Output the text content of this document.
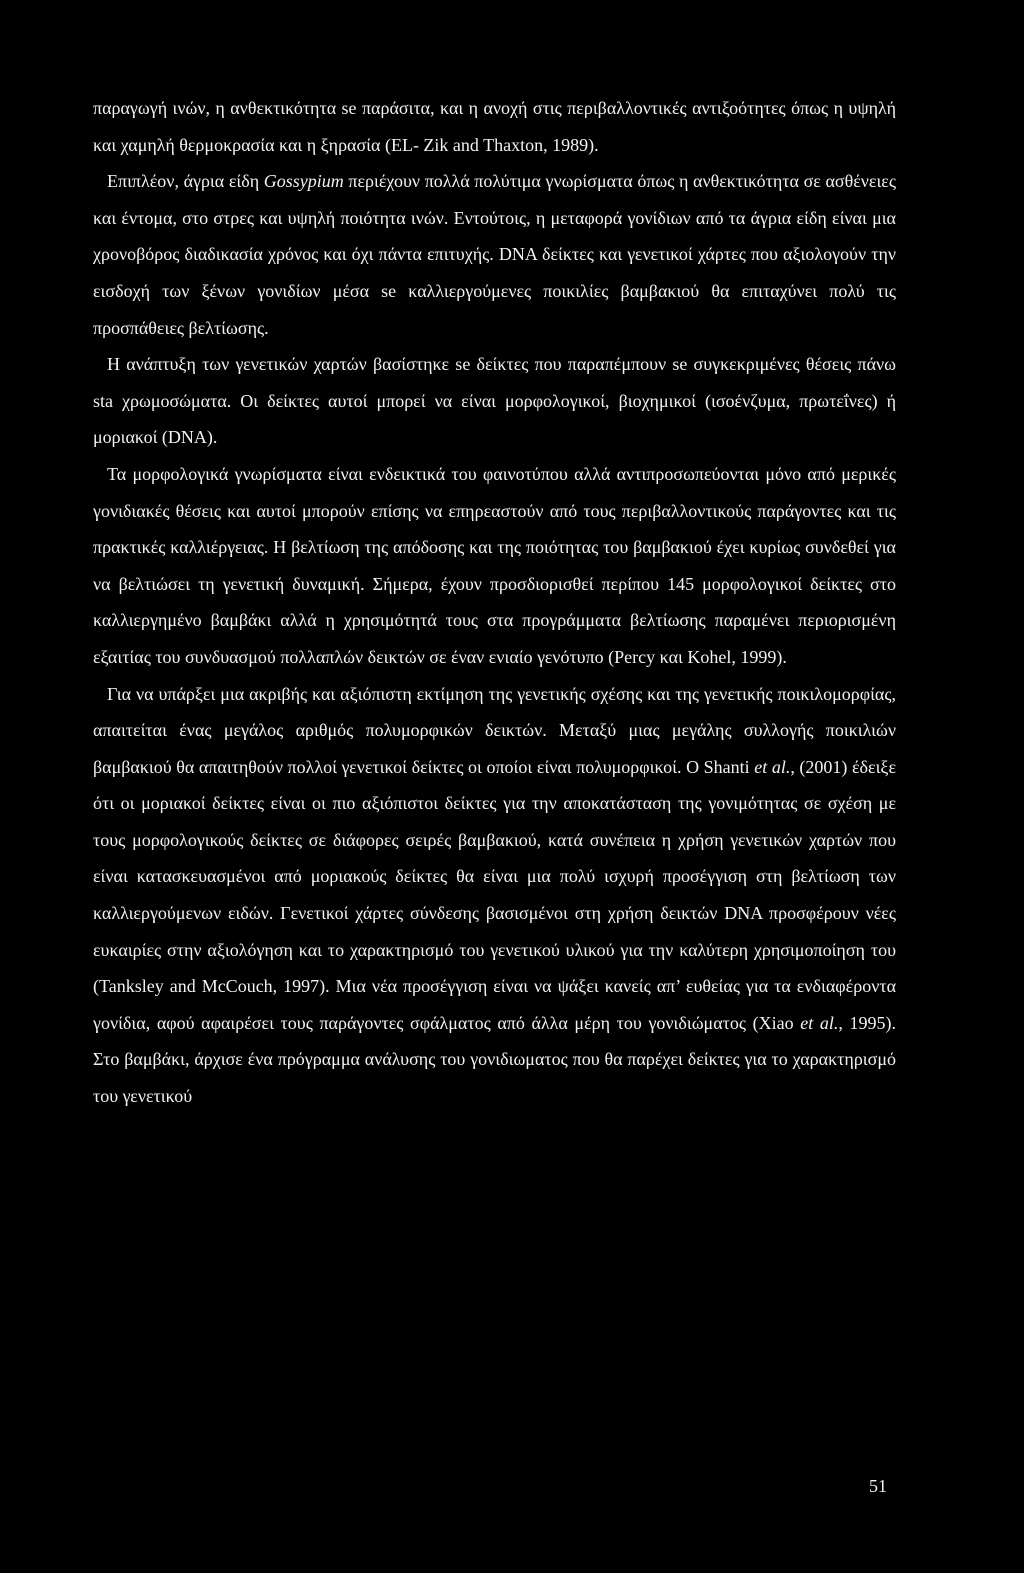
παραγωγή ινών, η ανθεκτικότητα se παράσιτα, και η ανοχή στις περιβαλλοντικές αντιξοότητες όπως η υψηλή και χαμηλή θερμοκρασία και η ξηρασία (EL- Zik and Thaxton, 1989).

Επιπλέον, άγρια είδη Gossypium περιέχουν πολλά πολύτιμα γνωρίσματα όπως η ανθεκτικότητα σε ασθένειες και έντομα, στο στρες και υψηλή ποιότητα ινών. Εντούτοις, η μεταφορά γονίδιων από τα άγρια είδη είναι μια χρονοβόρος διαδικασία χρόνος και όχι πάντα επιτυχής. DNA δείκτες και γενετικοί χάρτες που αξιολογούν την εισδοχή των ξένων γονιδίων μέσα se καλλιεργούμενες ποικιλίες βαμβακιού θα επιταχύνει πολύ τις προσπάθειες βελτίωσης.

Η ανάπτυξη των γενετικών χαρτών βασίστηκε se δείκτες που παραπέμπουν se συγκεκριμένες θέσεις πάνω sta χρωμοσώματα. Οι δείκτες αυτοί μπορεί να είναι μορφολογικοί, βιοχημικοί (ισοένζυμα, πρωτεΐνες) ή μοριακοί (DNA).

Τα μορφολογικά γνωρίσματα είναι ενδεικτικά του φαινοτύπου αλλά αντιπροσωπεύονται μόνο από μερικές γονιδιακές θέσεις και αυτοί μπορούν επίσης να επηρεαστούν από τους περιβαλλοντικούς παράγοντες και τις πρακτικές καλλιέργειας. Η βελτίωση της απόδοσης και της ποιότητας του βαμβακιού έχει κυρίως συνδεθεί για να βελτιώσει τη γενετική δυναμική. Σήμερα, έχουν προσδιορισθεί περίπου 145 μορφολογικοί δείκτες στο καλλιεργημένο βαμβάκι αλλά η χρησιμότητά τους στα προγράμματα βελτίωσης παραμένει περιορισμένη εξαιτίας του συνδυασμού πολλαπλών δεικτών σε έναν ενιαίο γενότυπο (Percy και Kohel, 1999).

Για να υπάρξει μια ακριβής και αξιόπιστη εκτίμηση της γενετικής σχέσης και της γενετικής ποικιλομορφίας, απαιτείται ένας μεγάλος αριθμός πολυμορφικών δεικτών. Μεταξύ μιας μεγάλης συλλογής ποικιλιών βαμβακιού θα απαιτηθούν πολλοί γενετικοί δείκτες οι οποίοι είναι πολυμορφικοί. O Shanti et al., (2001) έδειξε ότι οι μοριακοί δείκτες είναι οι πιο αξιόπιστοι δείκτες για την αποκατάσταση της γονιμότητας σε σχέση με τους μορφολογικούς δείκτες σε διάφορες σειρές βαμβακιού, κατά συνέπεια η χρήση γενετικών χαρτών που είναι κατασκευασμένοι από μοριακούς δείκτες θα είναι μια πολύ ισχυρή προσέγγιση στη βελτίωση των καλλιεργούμενων ειδών. Γενετικοί χάρτες σύνδεσης βασισμένοι στη χρήση δεικτών DNA προσφέρουν νέες ευκαιρίες στην αξιολόγηση και το χαρακτηρισμό του γενετικού υλικού για την καλύτερη χρησιμοποίηση του (Tanksley and McCouch, 1997). Μια νέα προσέγγιση είναι να ψάξει κανείς απ’ ευθείας για τα ενδιαφέροντα γονίδια, αφού αφαιρέσει τους παράγοντες σφάλματος από άλλα μέρη του γονιδιώματος (Xiao et al., 1995). Στο βαμβάκι, άρχισε ένα πρόγραμμα ανάλυσης του γονιδιωματος που θα παρέχει δείκτες για το χαρακτηρισμό του γενετικού

51
